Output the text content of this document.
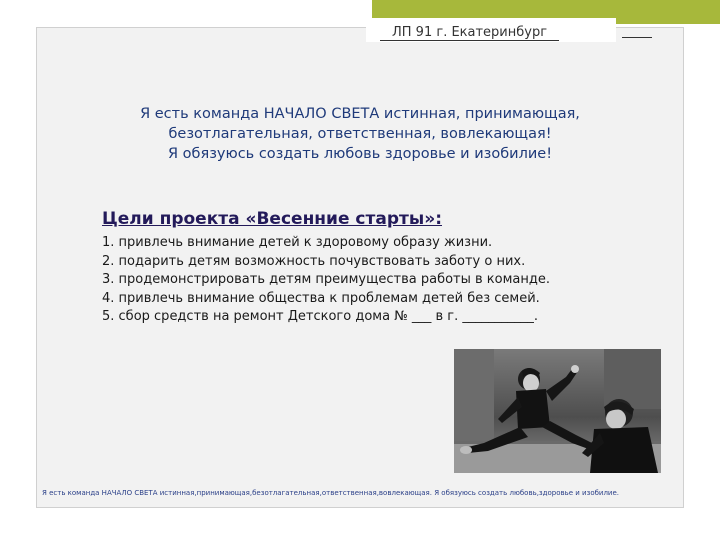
ЛП 91 г. Екатеринбург
Я есть команда НАЧАЛО СВЕТА истинная, принимающая,
безотлагательная, ответственная, вовлекающая!
Я обязуюсь создать любовь здоровье и изобилие!
Цели проекта «Весенние старты»:
1. привлечь внимание детей к здоровому образу жизни.
2. подарить детям возможность почувствовать заботу о них.
3. продемонстрировать детям преимущества работы в команде.
4. привлечь внимание общества к проблемам детей без семей.
5. сбор средств на ремонт Детского дома № ___ в г. ___________.
Я есть команда НАЧАЛО СВЕТА истинная,принимающая,безотлагательная,ответственная,вовлекающая. Я обязуюсь создать любовь,здоровье и изобилие.
